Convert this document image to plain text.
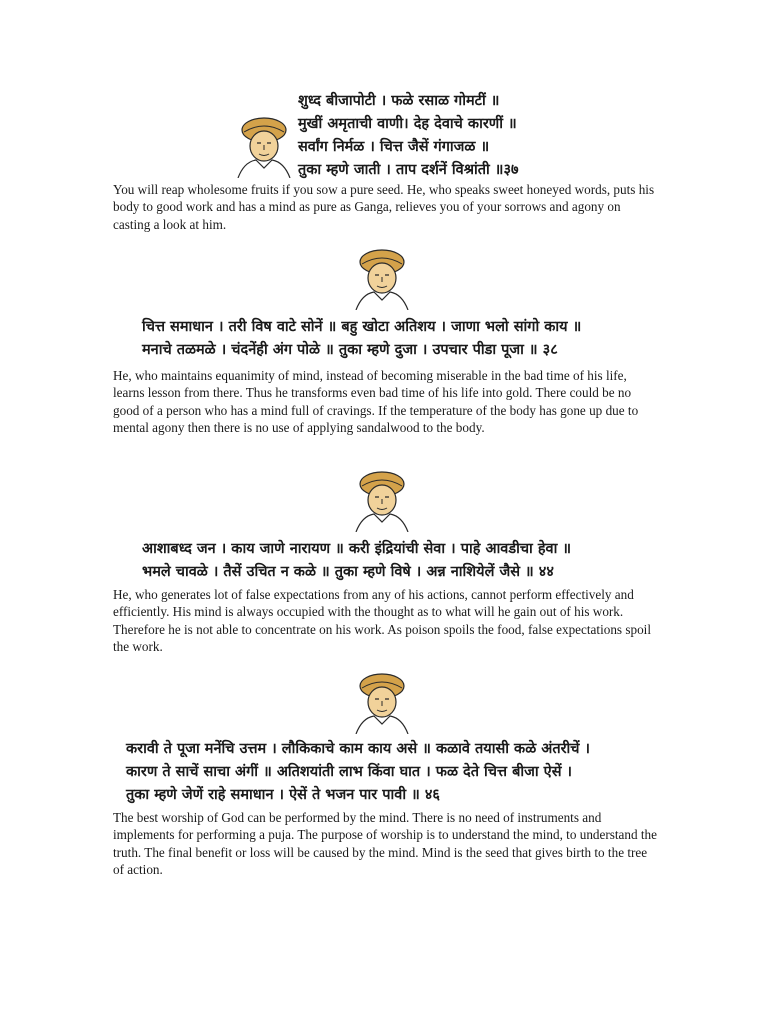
शुध्द बीजापोटी । फळे रसाळ गोमटीं ॥
मुखीं अमृताची वाणी। देह देवाचे कारणीं ॥
सर्वांग निर्मळ । चित्त जैसें गंगाजळ ॥
तुका म्हणे जाती । ताप दर्शनें विश्रांती ॥३७
You will reap wholesome fruits if you sow a pure seed. He, who speaks sweet honeyed words, puts his body to good work and has a mind as pure as Ganga, relieves you of your sorrows and agony on casting a look at him.
चित्त समाधान । तरी विष वाटे सोनें ॥ बहु खोटा अतिशय । जाणा भलो सांगो काय ॥
मनाचे तळमळे । चंदनेंही अंग पोळे ॥ तुका म्हणे दुजा । उपचार पीडा पूजा ॥ ३८
He, who maintains equanimity of mind, instead of becoming miserable in the bad time of his life, learns lesson from there. Thus he transforms even bad time of his life into gold. There could be no good of a person who has a mind full of cravings. If the temperature of the body has gone up due to mental agony then there is no use of applying sandalwood to the body.
आशाबध्द जन । काय जाणे नारायण ॥ करी इंद्रियांची सेवा । पाहे आवडीचा हेवा ॥
भमले चावळे । तैसें उचित न कळे ॥ तुका म्हणे विषे । अन्न नाशियेलें जैसे ॥ ४४
He, who generates lot of false expectations from any of his actions, cannot perform effectively and efficiently. His mind is always occupied with the thought as to what will he gain out of his work. Therefore he is not able to concentrate on his work. As poison spoils the food, false expectations spoil the work.
करावी ते पूजा मनेंचि उत्तम । लौकिकाचे काम काय असे ॥ कळावे तयासी कळे अंतरीचें ।
कारण ते साचें साचा अंगीं ॥ अतिशयांती लाभ किंवा घात । फळ देते चित्त बीजा ऐसें ।
तुका म्हणे जेणें राहे समाधान । ऐसें ते भजन पार पावी ॥ ४६
The best worship of God can be performed by the mind. There is no need of instruments and implements for performing a puja. The purpose of worship is to understand the mind, to understand the truth. The final benefit or loss will be caused by the mind. Mind is the seed that gives birth to the tree of action.
